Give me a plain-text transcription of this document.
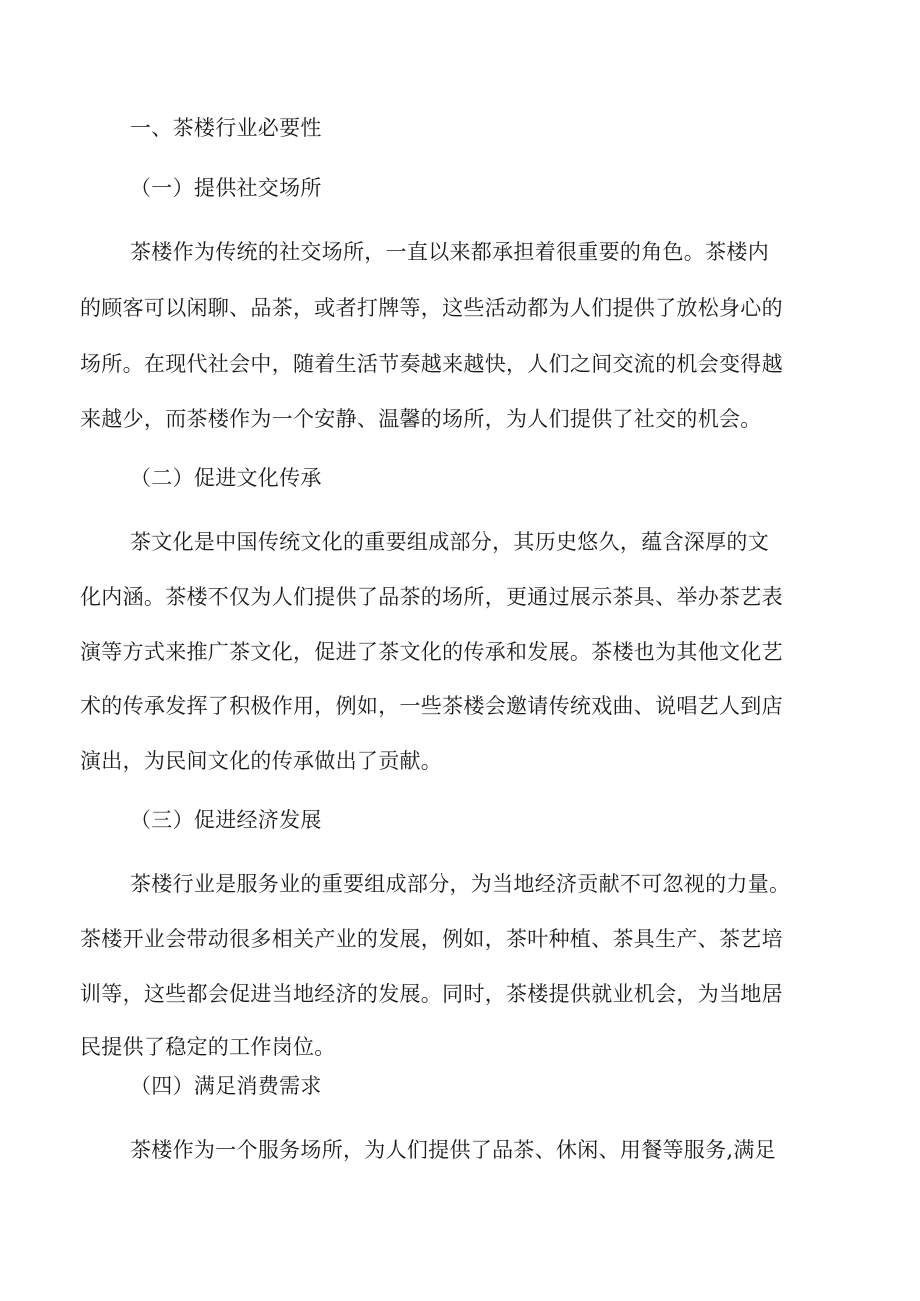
一、茶楼行业必要性
（一）提供社交场所
茶楼作为传统的社交场所，一直以来都承担着很重要的角色。茶楼内
的顾客可以闲聊、品茶，或者打牌等，这些活动都为人们提供了放松身心的
场所。在现代社会中，随着生活节奏越来越快，人们之间交流的机会变得越
来越少，而茶楼作为一个安静、温馨的场所，为人们提供了社交的机会。
（二）促进文化传承
茶文化是中国传统文化的重要组成部分，其历史悠久，蕴含深厚的文
化内涵。茶楼不仅为人们提供了品茶的场所，更通过展示茶具、举办茶艺表
演等方式来推广茶文化，促进了茶文化的传承和发展。茶楼也为其他文化艺
术的传承发挥了积极作用，例如，一些茶楼会邀请传统戏曲、说唱艺人到店
演出，为民间文化的传承做出了贡献。
（三）促进经济发展
茶楼行业是服务业的重要组成部分，为当地经济贡献不可忽视的力量。
茶楼开业会带动很多相关产业的发展，例如，茶叶种植、茶具生产、茶艺培
训等，这些都会促进当地经济的发展。同时，茶楼提供就业机会，为当地居
民提供了稳定的工作岗位。
（四）满足消费需求
茶楼作为一个服务场所，为人们提供了品茶、休闲、用餐等服务,满足
